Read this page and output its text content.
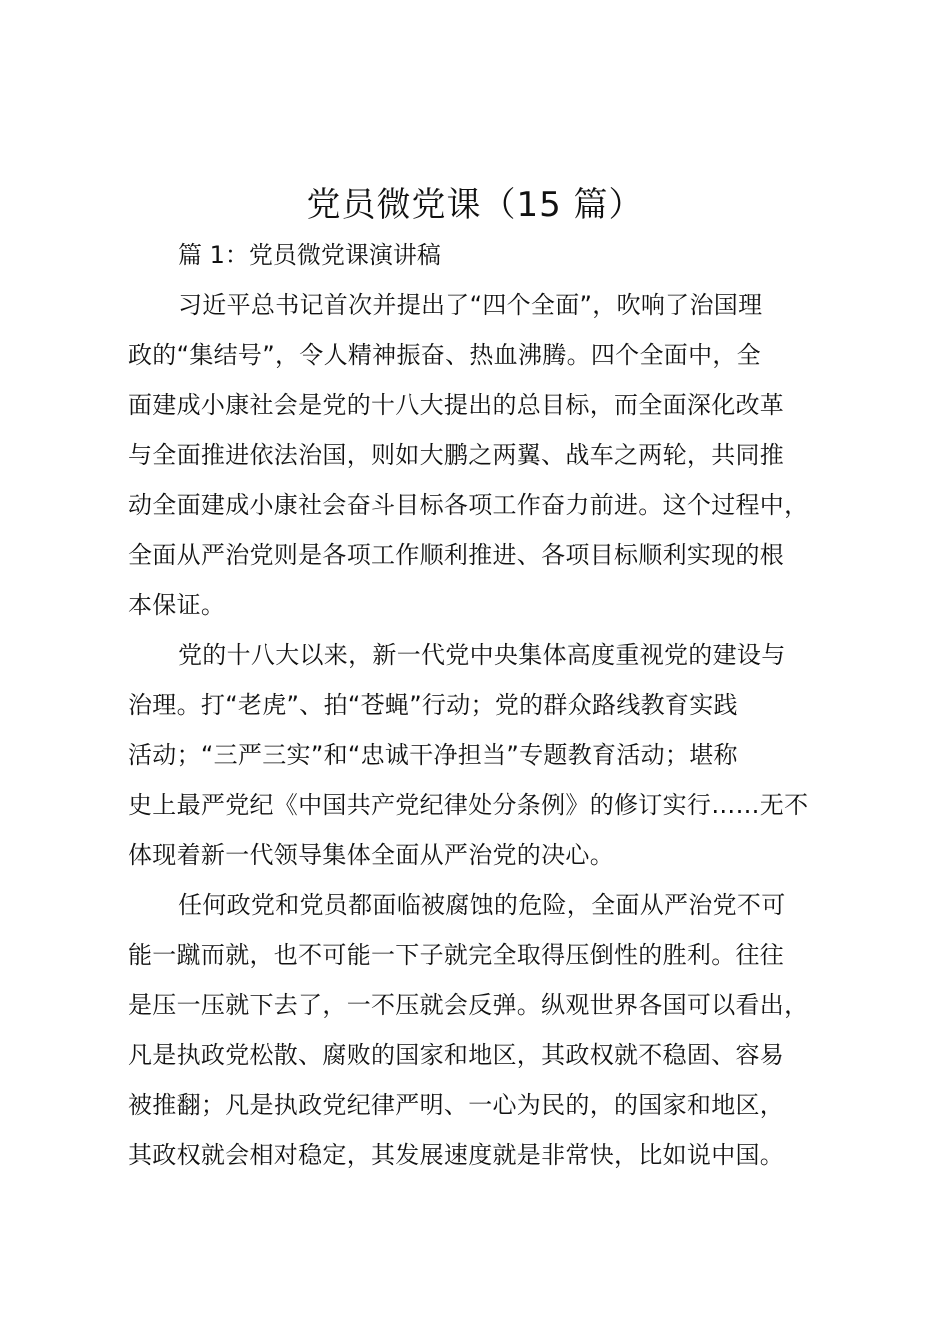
党员微党课（15 篇）
篇 1：党员微党课演讲稿
习近平总书记首次并提出了“四个全面”，吹响了治国理
政的“集结号”，令人精神振奋、热血沸腾。四个全面中，全
面建成小康社会是党的十八大提出的总目标，而全面深化改革
与全面推进依法治国，则如大鹏之两翼、战车之两轮，共同推
动全面建成小康社会奋斗目标各项工作奋力前进。这个过程中，
全面从严治党则是各项工作顺利推进、各项目标顺利实现的根
本保证。
党的十八大以来，新一代党中央集体高度重视党的建设与
治理。打“老虎”、拍“苍蝇”行动；党的群众路线教育实践
活动；“三严三实”和“忠诚干净担当”专题教育活动；堪称
史上最严党纪《中国共产党纪律处分条例》的修订实行……无不
体现着新一代领导集体全面从严治党的决心。
任何政党和党员都面临被腐蚀的危险，全面从严治党不可
能一蹴而就，也不可能一下子就完全取得压倒性的胜利。往往
是压一压就下去了，一不压就会反弹。纵观世界各国可以看出，
凡是执政党松散、腐败的国家和地区，其政权就不稳固、容易
被推翻；凡是执政党纪律严明、一心为民的，的国家和地区，
其政权就会相对稳定，其发展速度就是非常快，比如说中国。
